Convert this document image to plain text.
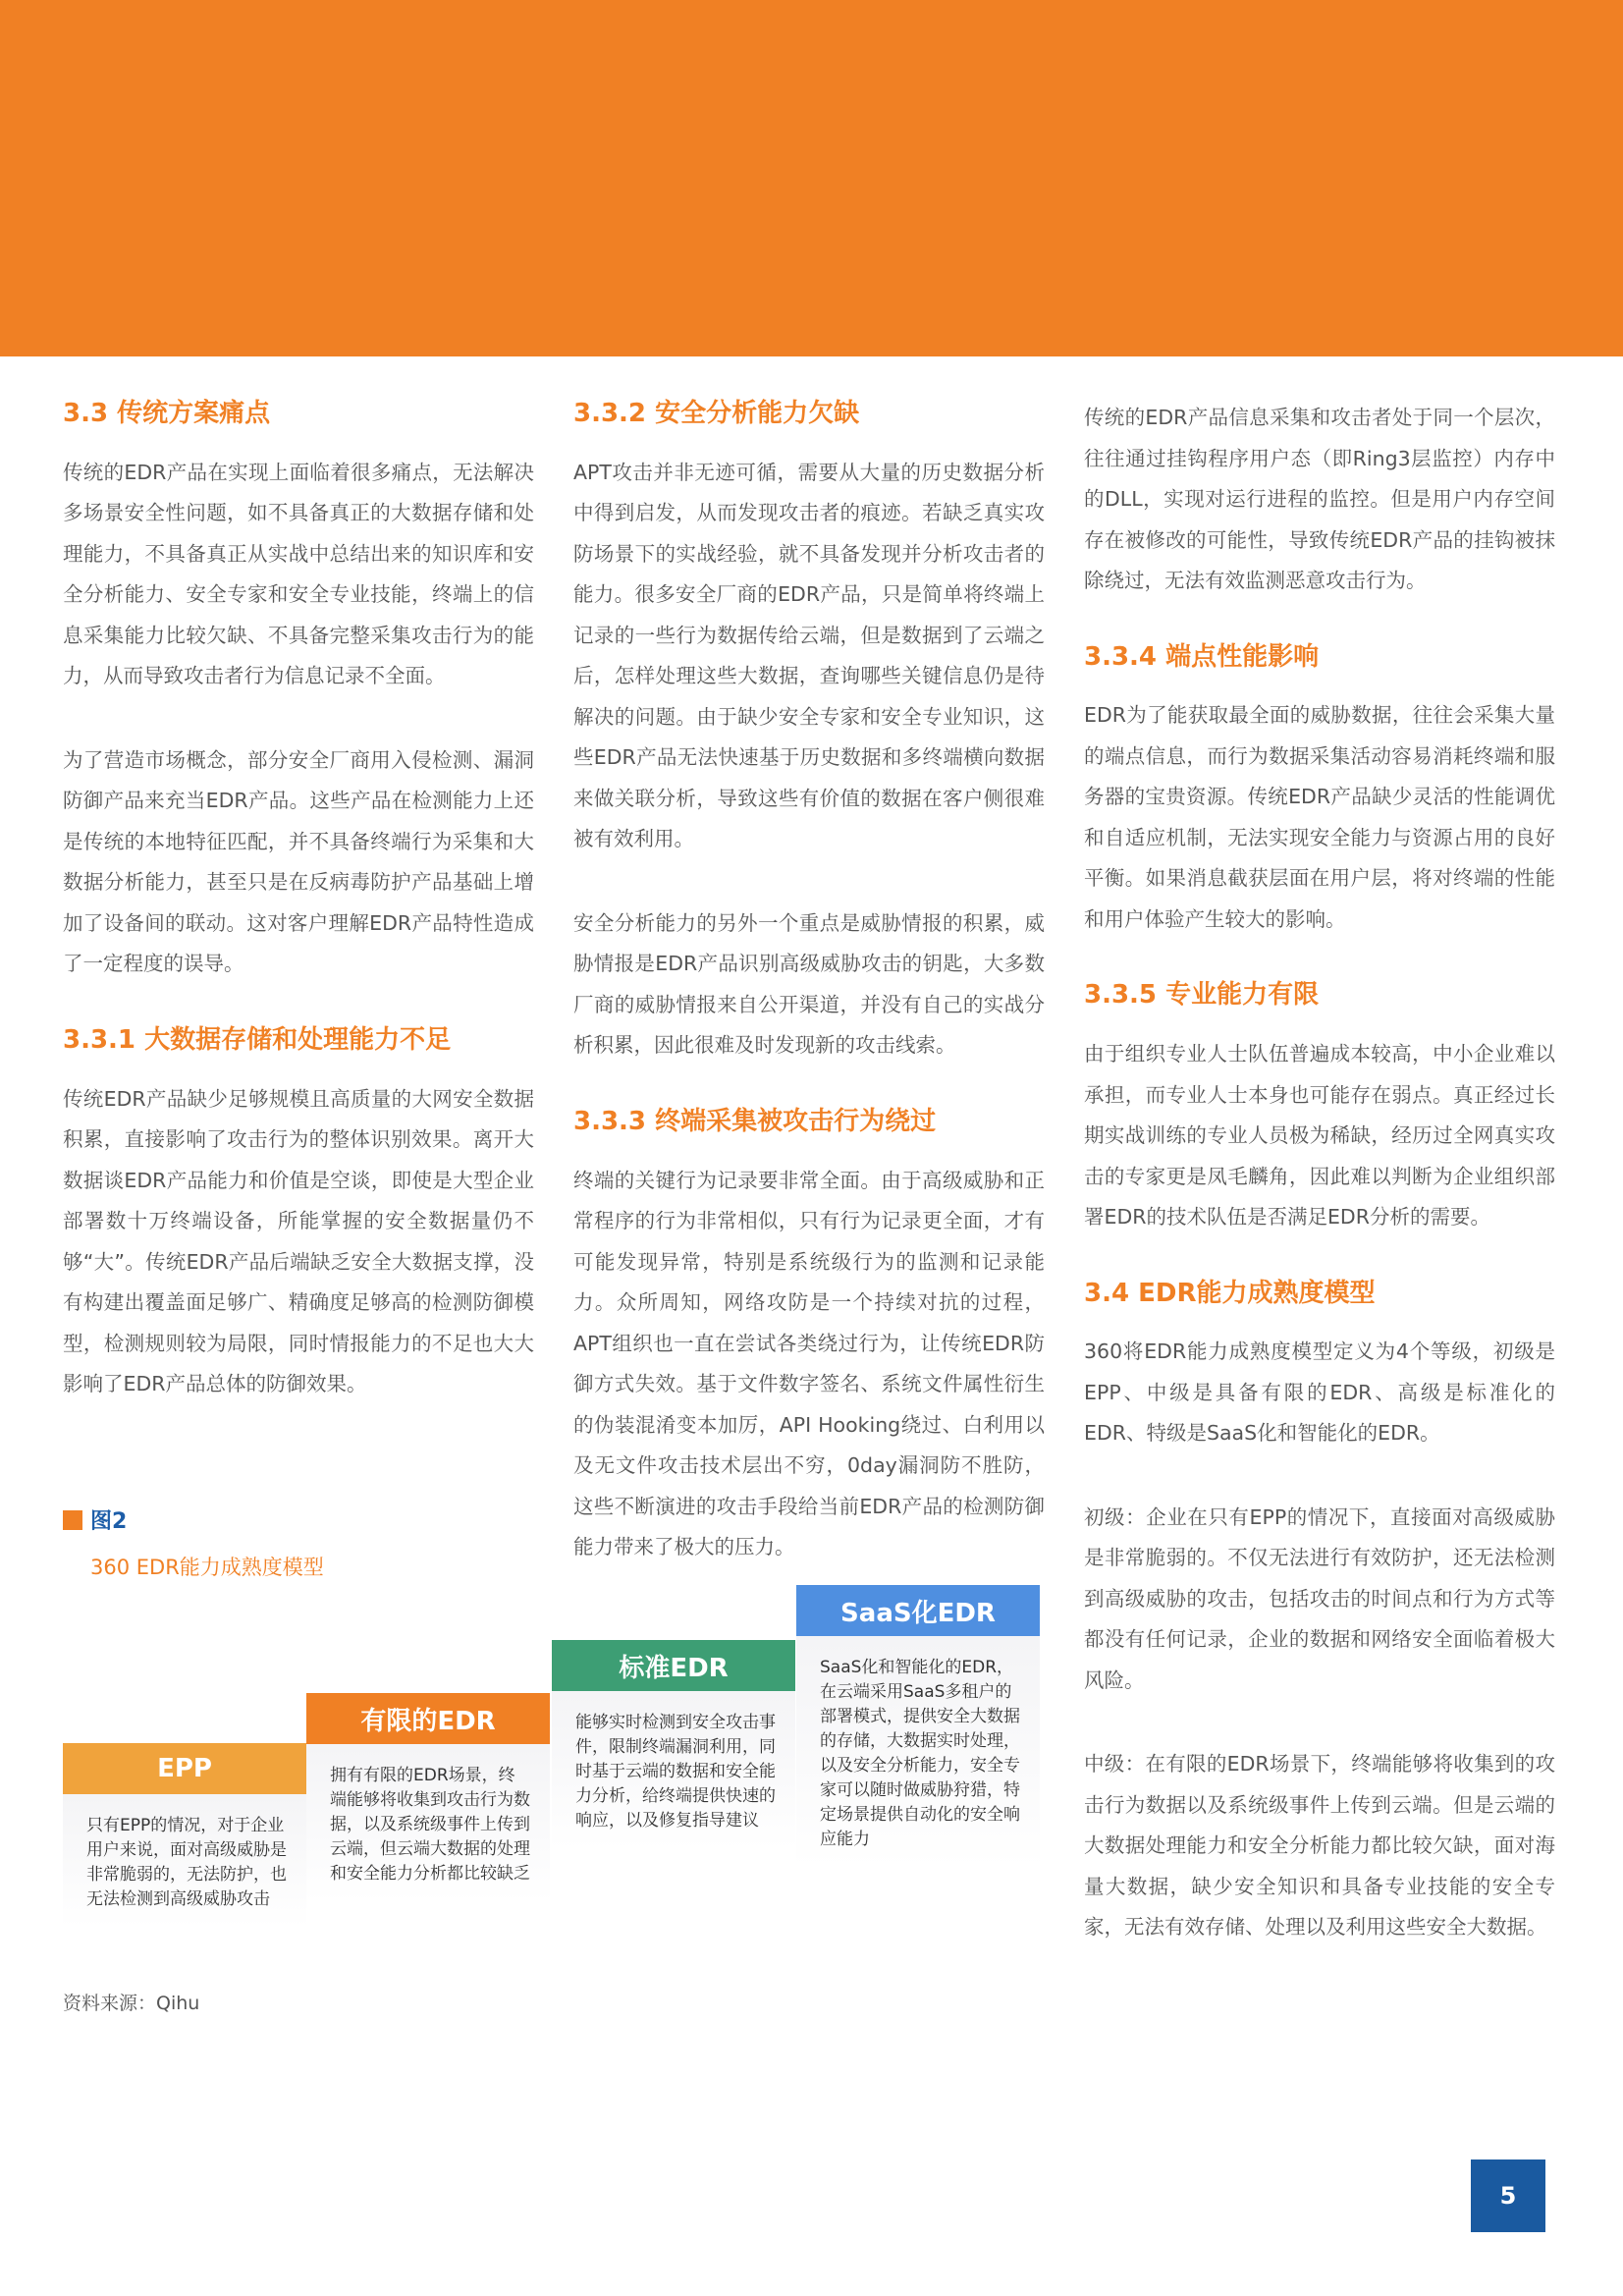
3.3 传统方案痛点

传统的EDR产品在实现上面临着很多痛点，无法解决多场景安全性问题，如不具备真正的大数据存储和处理能力，不具备真正从实战中总结出来的知识库和安全分析能力、安全专家和安全专业技能，终端上的信息采集能力比较欠缺、不具备完整采集攻击行为的能力，从而导致攻击者行为信息记录不全面。

为了营造市场概念，部分安全厂商用入侵检测、漏洞防御产品来充当EDR产品。这些产品在检测能力上还是传统的本地特征匹配，并不具备终端行为采集和大数据分析能力，甚至只是在反病毒防护产品基础上增加了设备间的联动。这对客户理解EDR产品特性造成了一定程度的误导。

3.3.1 大数据存储和处理能力不足

传统EDR产品缺少足够规模且高质量的大网安全数据积累，直接影响了攻击行为的整体识别效果。离开大数据谈EDR产品能力和价值是空谈，即使是大型企业部署数十万终端设备，所能掌握的安全数据量仍不够“大”。传统EDR产品后端缺乏安全大数据支撑，没有构建出覆盖面足够广、精确度足够高的检测防御模型，检测规则较为局限，同时情报能力的不足也大大影响了EDR产品总体的防御效果。

3.3.2 安全分析能力欠缺

APT攻击并非无迹可循，需要从大量的历史数据分析中得到启发，从而发现攻击者的痕迹。若缺乏真实攻防场景下的实战经验，就不具备发现并分析攻击者的能力。很多安全厂商的EDR产品，只是简单将终端上记录的一些行为数据传给云端，但是数据到了云端之后，怎样处理这些大数据，查询哪些关键信息仍是待解决的问题。由于缺少安全专家和安全专业知识，这些EDR产品无法快速基于历史数据和多终端横向数据来做关联分析，导致这些有价值的数据在客户侧很难被有效利用。

安全分析能力的另外一个重点是威胁情报的积累，威胁情报是EDR产品识别高级威胁攻击的钥匙，大多数厂商的威胁情报来自公开渠道，并没有自己的实战分析积累，因此很难及时发现新的攻击线索。

3.3.3 终端采集被攻击行为绕过

终端的关键行为记录要非常全面。由于高级威胁和正常程序的行为非常相似，只有行为记录更全面，才有可能发现异常，特别是系统级行为的监测和记录能力。众所周知，网络攻防是一个持续对抗的过程，APT组织也一直在尝试各类绕过行为，让传统EDR防御方式失效。基于文件数字签名、系统文件属性衍生的伪装混淆变本加厉，API Hooking绕过、白利用以及无文件攻击技术层出不穷，0day漏洞防不胜防，这些不断演进的攻击手段给当前EDR产品的检测防御能力带来了极大的压力。

传统的EDR产品信息采集和攻击者处于同一个层次，往往通过挂钩程序用户态（即Ring3层监控）内存中的DLL，实现对运行进程的监控。但是用户内存空间存在被修改的可能性，导致传统EDR产品的挂钩被抹除绕过，无法有效监测恶意攻击行为。

3.3.4 端点性能影响

EDR为了能获取最全面的威胁数据，往往会采集大量的端点信息，而行为数据采集活动容易消耗终端和服务器的宝贵资源。传统EDR产品缺少灵活的性能调优和自适应机制，无法实现安全能力与资源占用的良好平衡。如果消息截获层面在用户层，将对终端的性能和用户体验产生较大的影响。

3.3.5 专业能力有限

由于组织专业人士队伍普遍成本较高，中小企业难以承担，而专业人士本身也可能存在弱点。真正经过长期实战训练的专业人员极为稀缺，经历过全网真实攻击的专家更是凤毛麟角，因此难以判断为企业组织部署EDR的技术队伍是否满足EDR分析的需要。

3.4 EDR能力成熟度模型

360将EDR能力成熟度模型定义为4个等级，初级是EPP、中级是具备有限的EDR、高级是标准化的EDR、特级是SaaS化和智能化的EDR。

初级：企业在只有EPP的情况下，直接面对高级威胁是非常脆弱的。不仅无法进行有效防护，还无法检测到高级威胁的攻击，包括攻击的时间点和行为方式等都没有任何记录，企业的数据和网络安全面临着极大风险。

中级：在有限的EDR场景下，终端能够将收集到的攻击行为数据以及系统级事件上传到云端。但是云端的大数据处理能力和安全分析能力都比较欠缺，面对海量大数据，缺少安全知识和具备专业技能的安全专家，无法有效存储、处理以及利用这些安全大数据。

图2
360 EDR能力成熟度模型
EPP
只有EPP的情况，对于企业用户来说，面对高级威胁是非常脆弱的，无法防护，也无法检测到高级威胁攻击
有限的EDR
拥有有限的EDR场景，终端能够将收集到攻击行为数据，以及系统级事件上传到云端，但云端大数据的处理和安全能力分析都比较缺乏
标准EDR
能够实时检测到安全攻击事件，限制终端漏洞利用，同时基于云端的数据和安全能力分析，给终端提供快速的响应，以及修复指导建议
SaaS化EDR
SaaS化和智能化的EDR，在云端采用SaaS多租户的部署模式，提供安全大数据的存储，大数据实时处理，以及安全分析能力，安全专家可以随时做威胁狩猎，特定场景提供自动化的安全响应能力
资料来源：Qihu
5
